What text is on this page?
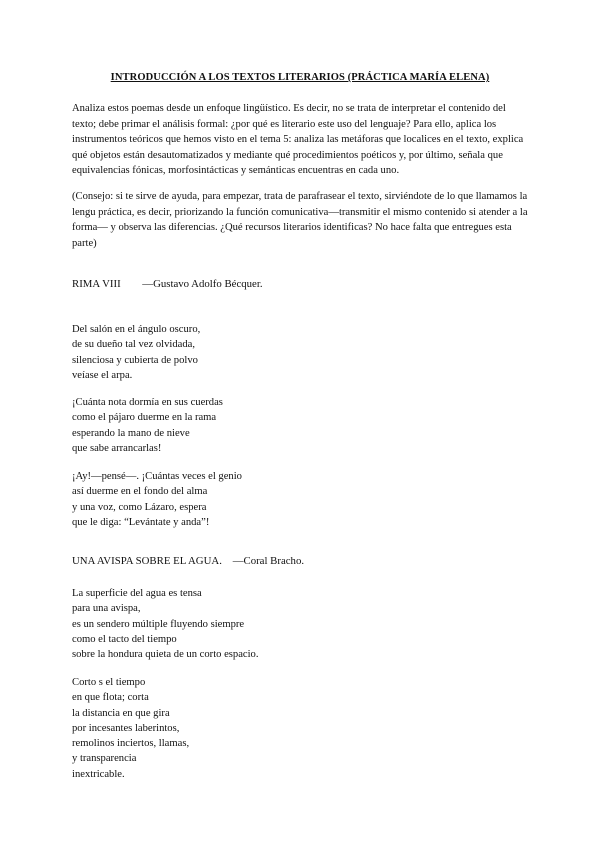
INTRODUCCIÓN A LOS TEXTOS LITERARIOS (PRÁCTICA MARÍA ELENA)

Analiza estos poemas desde un enfoque lingüístico. Es decir, no se trata de interpretar el contenido del texto; debe primar el análisis formal: ¿por qué es literario este uso del lenguaje? Para ello, aplica los instrumentos teóricos que hemos visto en el tema 5: analiza las metáforas que localices en el texto, explica qué objetos están desautomatizados y mediante qué procedimientos poéticos y, por último, señala que equivalencias fónicas, morfosintácticas y semánticas encuentras en cada uno.

(Consejo: si te sirve de ayuda, para empezar, trata de parafrasear el texto, sirviéndote de lo que llamamos la lengu práctica, es decir, priorizando la función comunicativa—transmitir el mismo contenido si atender a la forma— y observa las diferencias. ¿Qué recursos literarios identificas? No hace falta que entregues esta parte)

RIMA VIII        —Gustavo Adolfo Bécquer.
Del salón en el ángulo oscuro,
de su dueño tal vez olvidada,
silenciosa y cubierta de polvo
veíase el arpa.
¡Cuánta nota dormía en sus cuerdas
como el pájaro duerme en la rama
esperando la mano de nieve
que sabe arrancarlas!
¡Ay!—pensé—. ¡Cuántas veces el genio
así duerme en el fondo del alma
y una voz, como Lázaro, espera
que le diga: “Levántate y anda”!
UNA AVISPA SOBRE EL AGUA.    —Coral Bracho.
La superficie del agua es tensa
para una avispa,
es un sendero múltiple fluyendo siempre
como el tacto del tiempo
sobre la hondura quieta de un corto espacio.
Corto s el tiempo
en que flota; corta
la distancia en que gira
por incesantes laberintos,
remolinos inciertos, llamas,
y transparencia
inextricable.
